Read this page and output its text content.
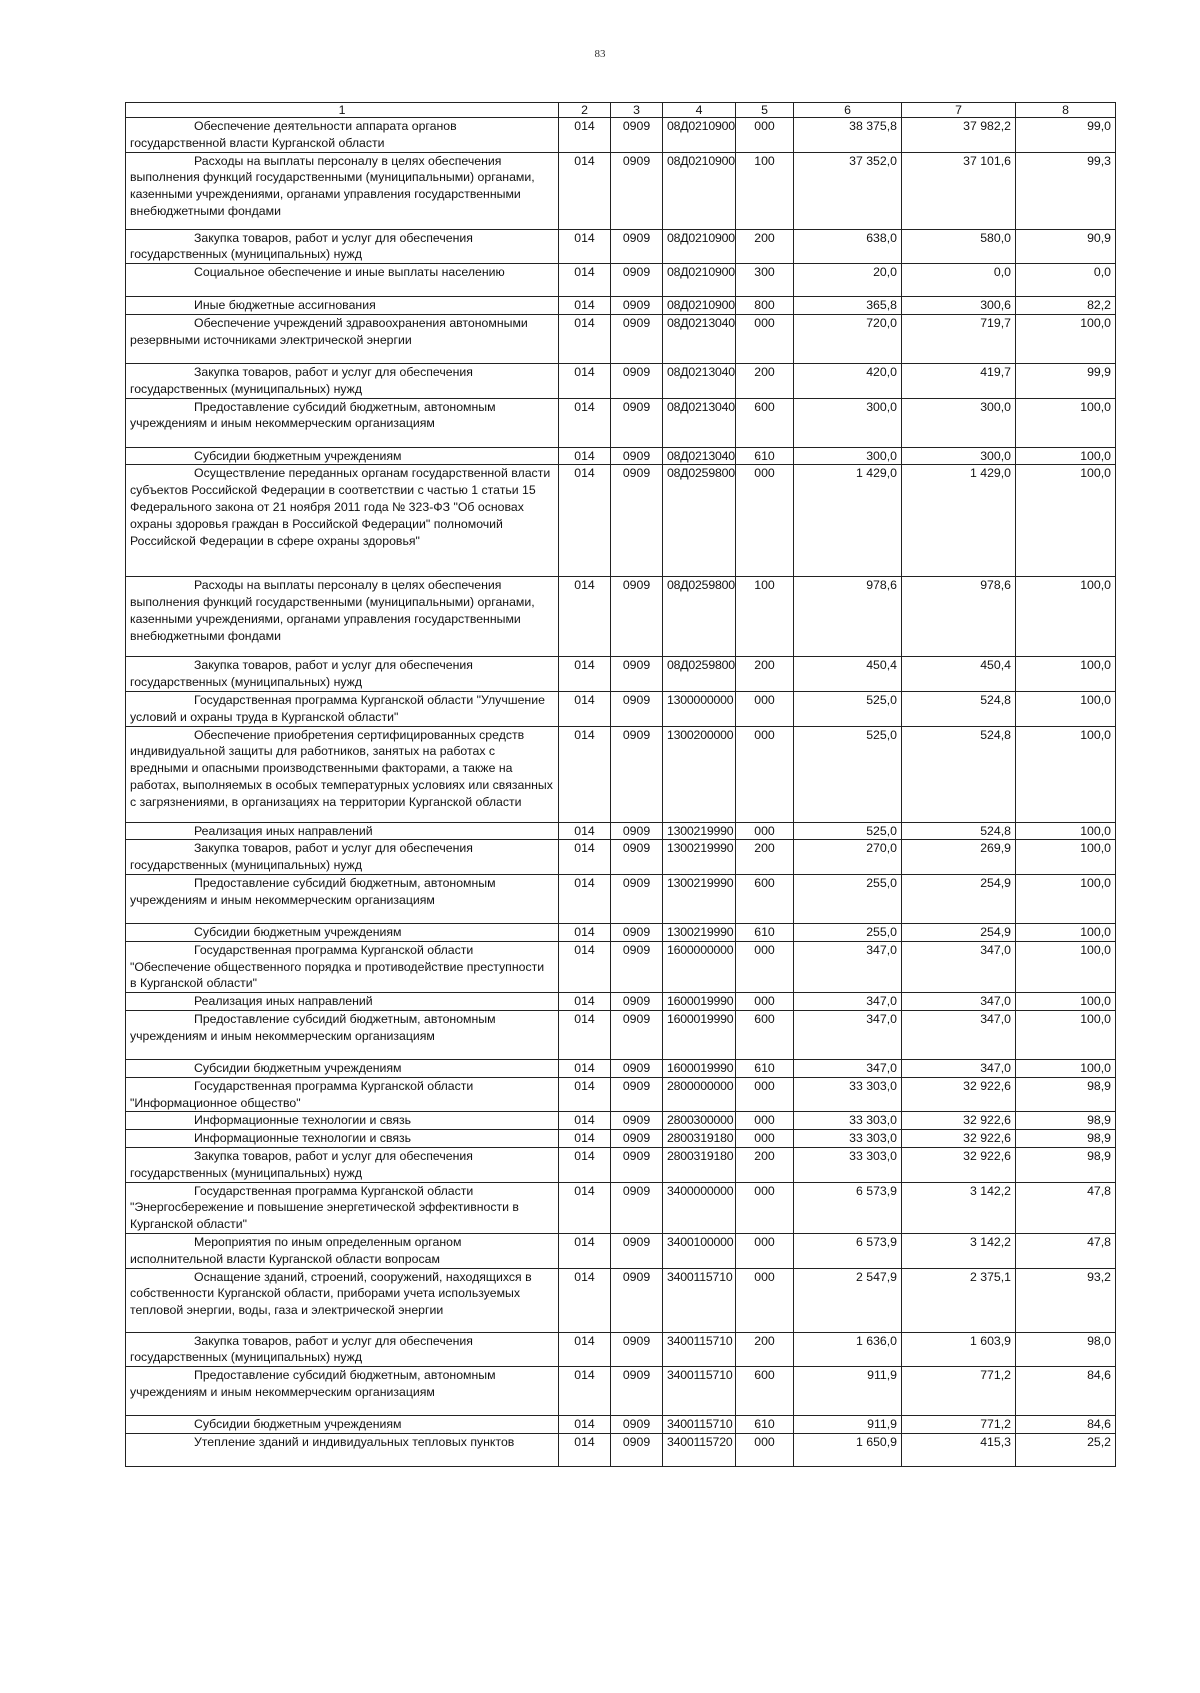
83
1	2	3	4	5	6	7	8
Обеспечение деятельности аппарата органов государственной власти Курганской области	014	0909	08Д0210900	000	38 375,8	37 982,2	99,0
Расходы на выплаты персоналу в целях обеспечения выполнения функций государственными (муниципальными) органами, казенными учреждениями, органами управления государственными внебюджетными фондами	014	0909	08Д0210900	100	37 352,0	37 101,6	99,3
Закупка товаров, работ и услуг для обеспечения государственных (муниципальных) нужд	014	0909	08Д0210900	200	638,0	580,0	90,9
Социальное обеспечение и иные выплаты населению	014	0909	08Д0210900	300	20,0	0,0	0,0
Иные бюджетные ассигнования	014	0909	08Д0210900	800	365,8	300,6	82,2
Обеспечение учреждений здравоохранения автономными резервными источниками электрической энергии	014	0909	08Д0213040	000	720,0	719,7	100,0
Закупка товаров, работ и услуг для обеспечения государственных (муниципальных) нужд	014	0909	08Д0213040	200	420,0	419,7	99,9
Предоставление субсидий бюджетным, автономным учреждениям и иным некоммерческим организациям	014	0909	08Д0213040	600	300,0	300,0	100,0
Субсидии бюджетным учреждениям	014	0909	08Д0213040	610	300,0	300,0	100,0
Осуществление переданных органам государственной власти субъектов Российской Федерации в соответствии с частью 1 статьи 15 Федерального закона от 21 ноября 2011 года № 323-ФЗ "Об основах охраны здоровья граждан в Российской Федерации" полномочий Российской Федерации в сфере охраны здоровья"	014	0909	08Д0259800	000	1 429,0	1 429,0	100,0
Расходы на выплаты персоналу в целях обеспечения выполнения функций государственными (муниципальными) органами, казенными учреждениями, органами управления государственными внебюджетными фондами	014	0909	08Д0259800	100	978,6	978,6	100,0
Закупка товаров, работ и услуг для обеспечения государственных (муниципальных) нужд	014	0909	08Д0259800	200	450,4	450,4	100,0
Государственная программа Курганской области "Улучшение условий и охраны труда в Курганской области"	014	0909	1300000000	000	525,0	524,8	100,0
Обеспечение приобретения сертифицированных средств индивидуальной защиты для работников, занятых на работах с вредными и опасными производственными факторами, а также на работах, выполняемых в особых температурных условиях или связанных с загрязнениями, в организациях на территории Курганской области	014	0909	1300200000	000	525,0	524,8	100,0
Реализация иных направлений	014	0909	1300219990	000	525,0	524,8	100,0
Закупка товаров, работ и услуг для обеспечения государственных (муниципальных) нужд	014	0909	1300219990	200	270,0	269,9	100,0
Предоставление субсидий бюджетным, автономным учреждениям и иным некоммерческим организациям	014	0909	1300219990	600	255,0	254,9	100,0
Субсидии бюджетным учреждениям	014	0909	1300219990	610	255,0	254,9	100,0
Государственная программа Курганской области "Обеспечение общественного порядка и противодействие преступности в Курганской области"	014	0909	1600000000	000	347,0	347,0	100,0
Реализация иных направлений	014	0909	1600019990	000	347,0	347,0	100,0
Предоставление субсидий бюджетным, автономным учреждениям и иным некоммерческим организациям	014	0909	1600019990	600	347,0	347,0	100,0
Субсидии бюджетным учреждениям	014	0909	1600019990	610	347,0	347,0	100,0
Государственная программа Курганской области "Информационное общество"	014	0909	2800000000	000	33 303,0	32 922,6	98,9
Информационные технологии и связь	014	0909	2800300000	000	33 303,0	32 922,6	98,9
Информационные технологии и связь	014	0909	2800319180	000	33 303,0	32 922,6	98,9
Закупка товаров, работ и услуг для обеспечения государственных (муниципальных) нужд	014	0909	2800319180	200	33 303,0	32 922,6	98,9
Государственная программа Курганской области "Энергосбережение и повышение энергетической эффективности в Курганской области"	014	0909	3400000000	000	6 573,9	3 142,2	47,8
Мероприятия по иным определенным органом исполнительной власти Курганской области вопросам	014	0909	3400100000	000	6 573,9	3 142,2	47,8
Оснащение зданий, строений, сооружений, находящихся в собственности Курганской области, приборами учета используемых тепловой энергии, воды, газа и электрической энергии	014	0909	3400115710	000	2 547,9	2 375,1	93,2
Закупка товаров, работ и услуг для обеспечения государственных (муниципальных) нужд	014	0909	3400115710	200	1 636,0	1 603,9	98,0
Предоставление субсидий бюджетным, автономным учреждениям и иным некоммерческим организациям	014	0909	3400115710	600	911,9	771,2	84,6
Субсидии бюджетным учреждениям	014	0909	3400115710	610	911,9	771,2	84,6
Утепление зданий и индивидуальных тепловых пунктов	014	0909	3400115720	000	1 650,9	415,3	25,2
